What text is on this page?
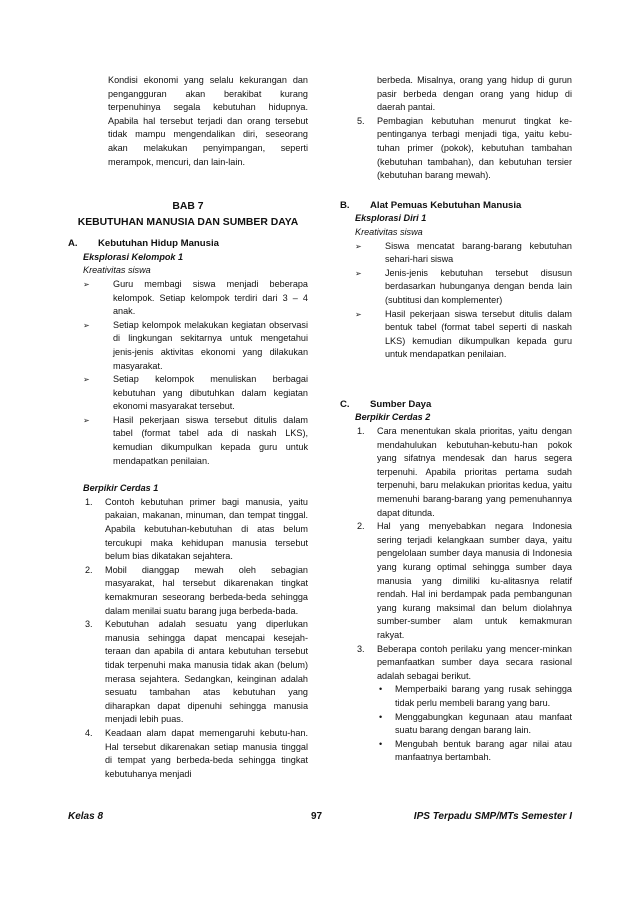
Kondisi ekonomi yang selalu kekurangan dan pengangguran akan berakibat kurang terpenuhinya segala kebutuhan hidupnya. Apabila hal tersebut terjadi dan orang tersebut tidak mampu mengendalikan diri, seseorang akan melakukan penyimpangan, seperti merampok, mencuri, dan lain-lain.

BAB 7
KEBUTUHAN MANUSIA DAN SUMBER DAYA
A. Kebutuhan Hidup Manusia
Eksplorasi Kelompok 1
Kreativitas siswa
➢	Guru membagi siswa menjadi beberapa kelompok. Setiap kelompok terdiri dari 3 – 4 anak.
➢	Setiap kelompok melakukan kegiatan observasi di lingkungan sekitarnya untuk mengetahui jenis-jenis aktivitas ekonomi yang dilakukan masyarakat.
➢	Setiap kelompok menuliskan berbagai kebutuhan yang dibutuhkan dalam kegiatan ekonomi masyarakat tersebut.
➢	Hasil pekerjaan siswa tersebut ditulis dalam tabel (format tabel ada di naskah LKS), kemudian dikumpulkan kepada guru untuk mendapatkan penilaian.
Berpikir Cerdas 1
1. Contoh kebutuhan primer bagi manusia, yaitu pakaian, makanan, minuman, dan tempat tinggal. Apabila kebutuhan-kebutuhan di atas belum tercukupi maka kehidupan manusia tersebut belum bias dikatakan sejahtera.
2. Mobil dianggap mewah oleh sebagian masyarakat, hal tersebut dikarenakan tingkat kemakmuran seseorang berbeda-beda sehingga dalam menilai suatu barang juga berbeda-bada.
3. Kebutuhan adalah sesuatu yang diperlukan manusia sehingga dapat mencapai kesejah-teraan dan apabila di antara kebutuhan tersebut tidak terpenuhi maka manusia tidak akan (belum) merasa sejahtera. Sedangkan, keinginan adalah sesuatu tambahan atas kebutuhan yang diharapkan dapat dipenuhi sehingga manusia menjadi lebih puas.
4. Keadaan alam dapat memengaruhi kebutu-han. Hal tersebut dikarenakan setiap manusia tinggal di tempat yang berbeda-beda sehingga tingkat kebutuhanya menjadi

berbeda. Misalnya, orang yang hidup di gurun pasir berbeda dengan orang yang hidup di daerah pantai.

5. Pembagian kebutuhan menurut tingkat ke-pentinganya terbagi menjadi tiga, yaitu kebu-tuhan primer (pokok), kebutuhan tambahan (kebutuhan tambahan), dan kebutuhan tersier (kebutuhan barang mewah).
B. Alat Pemuas Kebutuhan Manusia
Eksplorasi Diri 1
Kreativitas siswa
➢	Siswa mencatat barang-barang kebutuhan sehari-hari siswa
➢	Jenis-jenis kebutuhan tersebut disusun berdasarkan hubunganya dengan benda lain (subtitusi dan komplementer)
➢	Hasil pekerjaan siswa tersebut ditulis dalam bentuk tabel (format tabel seperti di naskah LKS) kemudian dikumpulkan kepada guru untuk mendapatkan penilaian.
C. Sumber Daya
Berpikir Cerdas 2
1. Cara menentukan skala prioritas, yaitu dengan mendahulukan kebutuhan-kebutu-han pokok yang sifatnya mendesak dan harus segera terpenuhi. Apabila prioritas pertama sudah terpenuhi, baru melakukan prioritas kedua, yaitu memenuhi barang-barang yang pemenuhannya dapat ditunda.
2. Hal yang menyebabkan negara Indonesia sering terjadi kelangkaan sumber daya, yaitu pengelolaan sumber daya manusia di Indonesia yang kurang optimal sehingga sumber daya manusia yang dimiliki ku-alitasnya relatif rendah. Hal ini berdampak pada pembangunan yang kurang maksimal dan belum diolahnya sumber-sumber alam untuk kemakmuran rakyat.
3. Beberapa contoh perilaku yang mencer-minkan pemanfaatkan sumber daya secara rasional adalah sebagai berikut.
• Memperbaiki barang yang rusak sehingga tidak perlu membeli barang yang baru.
• Menggabungkan kegunaan atau manfaat suatu barang dengan barang lain.
• Mengubah bentuk barang agar nilai atau manfaatnya bertambah.
Kelas 8	97	IPS Terpadu SMP/MTs Semester I
